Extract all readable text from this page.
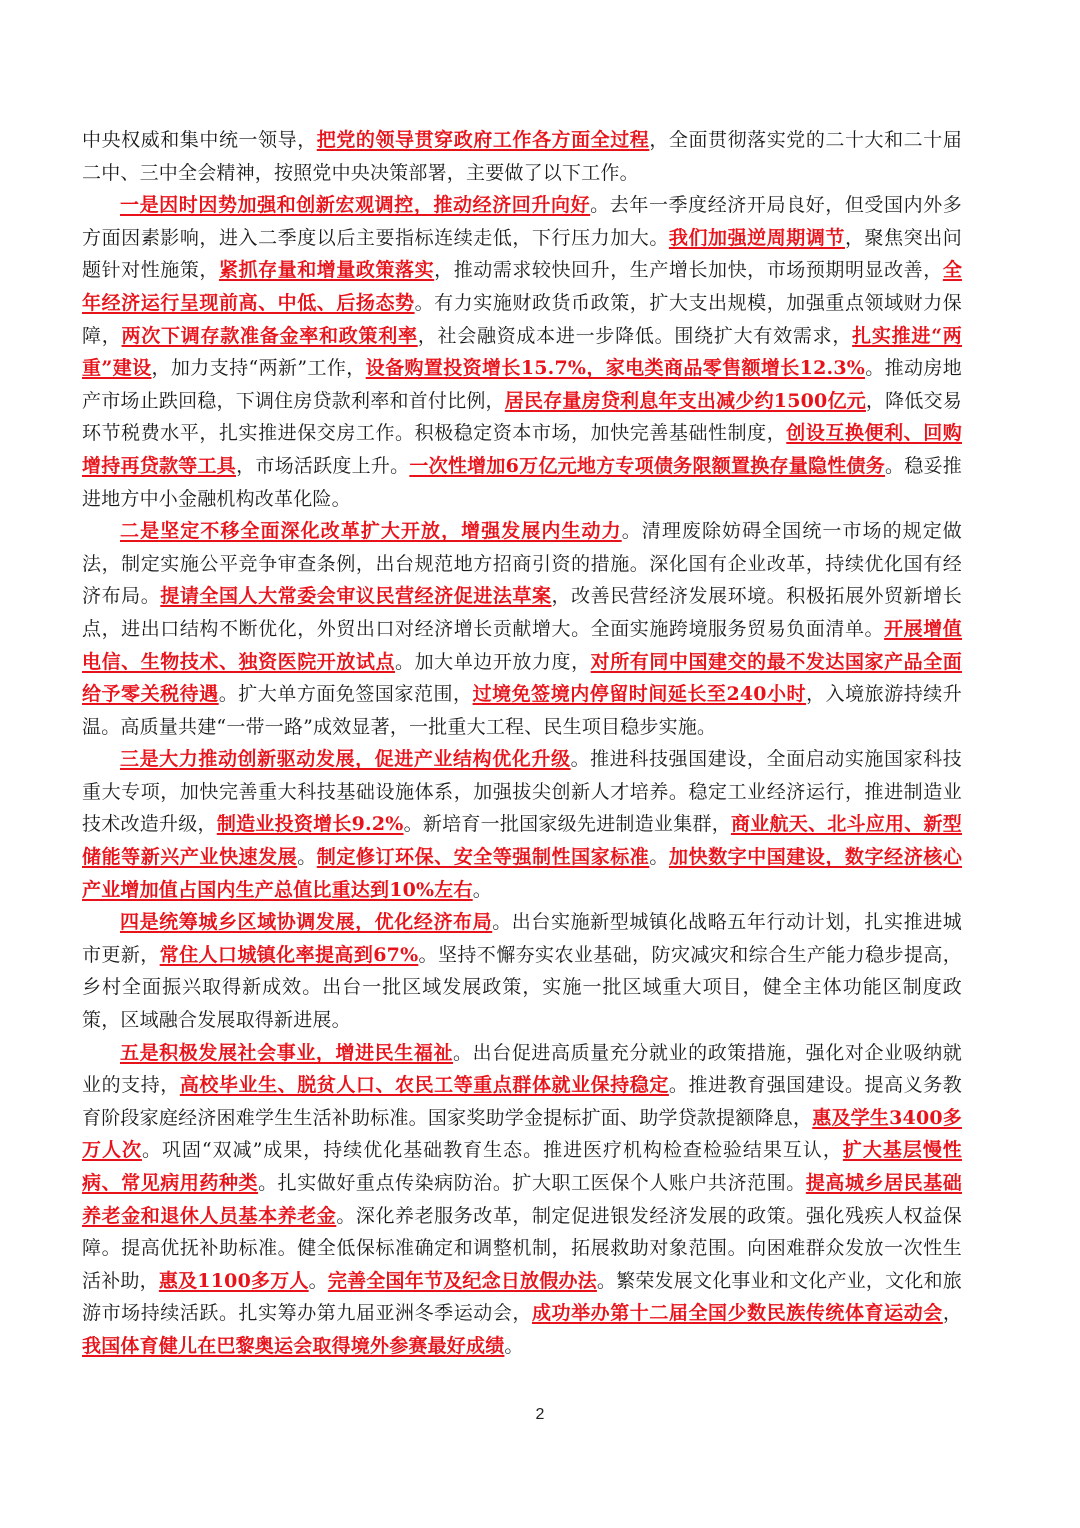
中央权威和集中统一领导，把党的领导贯穿政府工作各方面全过程，全面贯彻落实党的二十大和二十届二中、三中全会精神，按照党中央决策部署，主要做了以下工作。

一是因时因势加强和创新宏观调控，推动经济回升向好。去年一季度经济开局良好，但受国内外多方面因素影响，进入二季度以后主要指标连续走低，下行压力加大。我们加强逆周期调节，聚焦突出问题针对性施策，紧抓存量和增量政策落实，推动需求较快回升，生产增长加快，市场预期明显改善，全年经济运行呈现前高、中低、后扬态势。有力实施财政货币政策，扩大支出规模，加强重点领域财力保障，两次下调存款准备金率和政策利率，社会融资成本进一步降低。围绕扩大有效需求，扎实推进“两重”建设，加力支持“两新”工作，设备购置投资增长15.7%，家电类商品零售额增长12.3%。推动房地产市场止跌回稳，下调住房贷款利率和首付比例，居民存量房贷利息年支出减少约1500亿元，降低交易环节税费水平，扎实推进保交房工作。积极稳定资本市场，加快完善基础性制度，创设互换便利、回购增持再贷款等工具，市场活跃度上升。一次性增加6万亿元地方专项债务限额置换存量隐性债务。稳妥推进地方中小金融机构改革化险。

二是坚定不移全面深化改革扩大开放，增强发展内生动力。清理废除妨碍全国统一市场的规定做法，制定实施公平竞争审查条例，出台规范地方招商引资的措施。深化国有企业改革，持续优化国有经济布局。提请全国人大常委会审议民营经济促进法草案，改善民营经济发展环境。积极拓展外贸新增长点，进出口结构不断优化，外贸出口对经济增长贡献增大。全面实施跨境服务贸易负面清单。开展增值电信、生物技术、独资医院开放试点。加大单边开放力度，对所有同中国建交的最不发达国家产品全面给予零关税待遇。扩大单方面免签国家范围，过境免签境内停留时间延长至240小时，入境旅游持续升温。高质量共建“一带一路”成效显著，一批重大工程、民生项目稳步实施。

三是大力推动创新驱动发展，促进产业结构优化升级。推进科技强国建设，全面启动实施国家科技重大专项，加快完善重大科技基础设施体系，加强拔尖创新人才培养。稳定工业经济运行，推进制造业技术改造升级，制造业投资增长9.2%。新培育一批国家级先进制造业集群，商业航天、北斗应用、新型储能等新兴产业快速发展。制定修订环保、安全等强制性国家标准。加快数字中国建设，数字经济核心产业增加值占国内生产总值比重达到10%左右。

四是统筹城乡区域协调发展，优化经济布局。出台实施新型城镇化战略五年行动计划，扎实推进城市更新，常住人口城镇化率提高到67%。坚持不懈夯实农业基础，防灾减灾和综合生产能力稳步提高，乡村全面振兴取得新成效。出台一批区域发展政策，实施一批区域重大项目，健全主体功能区制度政策，区域融合发展取得新进展。

五是积极发展社会事业，增进民生福祉。出台促进高质量充分就业的政策措施，强化对企业吸纳就业的支持，高校毕业生、脱贫人口、农民工等重点群体就业保持稳定。推进教育强国建设。提高义务教育阶段家庭经济困难学生生活补助标准。国家奖助学金提标扩面、助学贷款提额降息，惠及学生3400多万人次。巩固“双减”成果，持续优化基础教育生态。推进医疗机构检查检验结果互认，扩大基层慢性病、常见病用药种类。扎实做好重点传染病防治。扩大职工医保个人账户共济范围。提高城乡居民基础养老金和退休人员基本养老金。深化养老服务改革，制定促进银发经济发展的政策。强化残疾人权益保障。提高优抚补助标准。健全低保标准确定和调整机制，拓展救助对象范围。向困难群众发放一次性生活补助，惠及1100多万人。完善全国年节及纪念日放假办法。繁荣发展文化事业和文化产业，文化和旅游市场持续活跃。扎实筹办第九届亚洲冬季运动会，成功举办第十二届全国少数民族传统体育运动会，我国体育健儿在巴黎奥运会取得境外参赛最好成绩。

2
